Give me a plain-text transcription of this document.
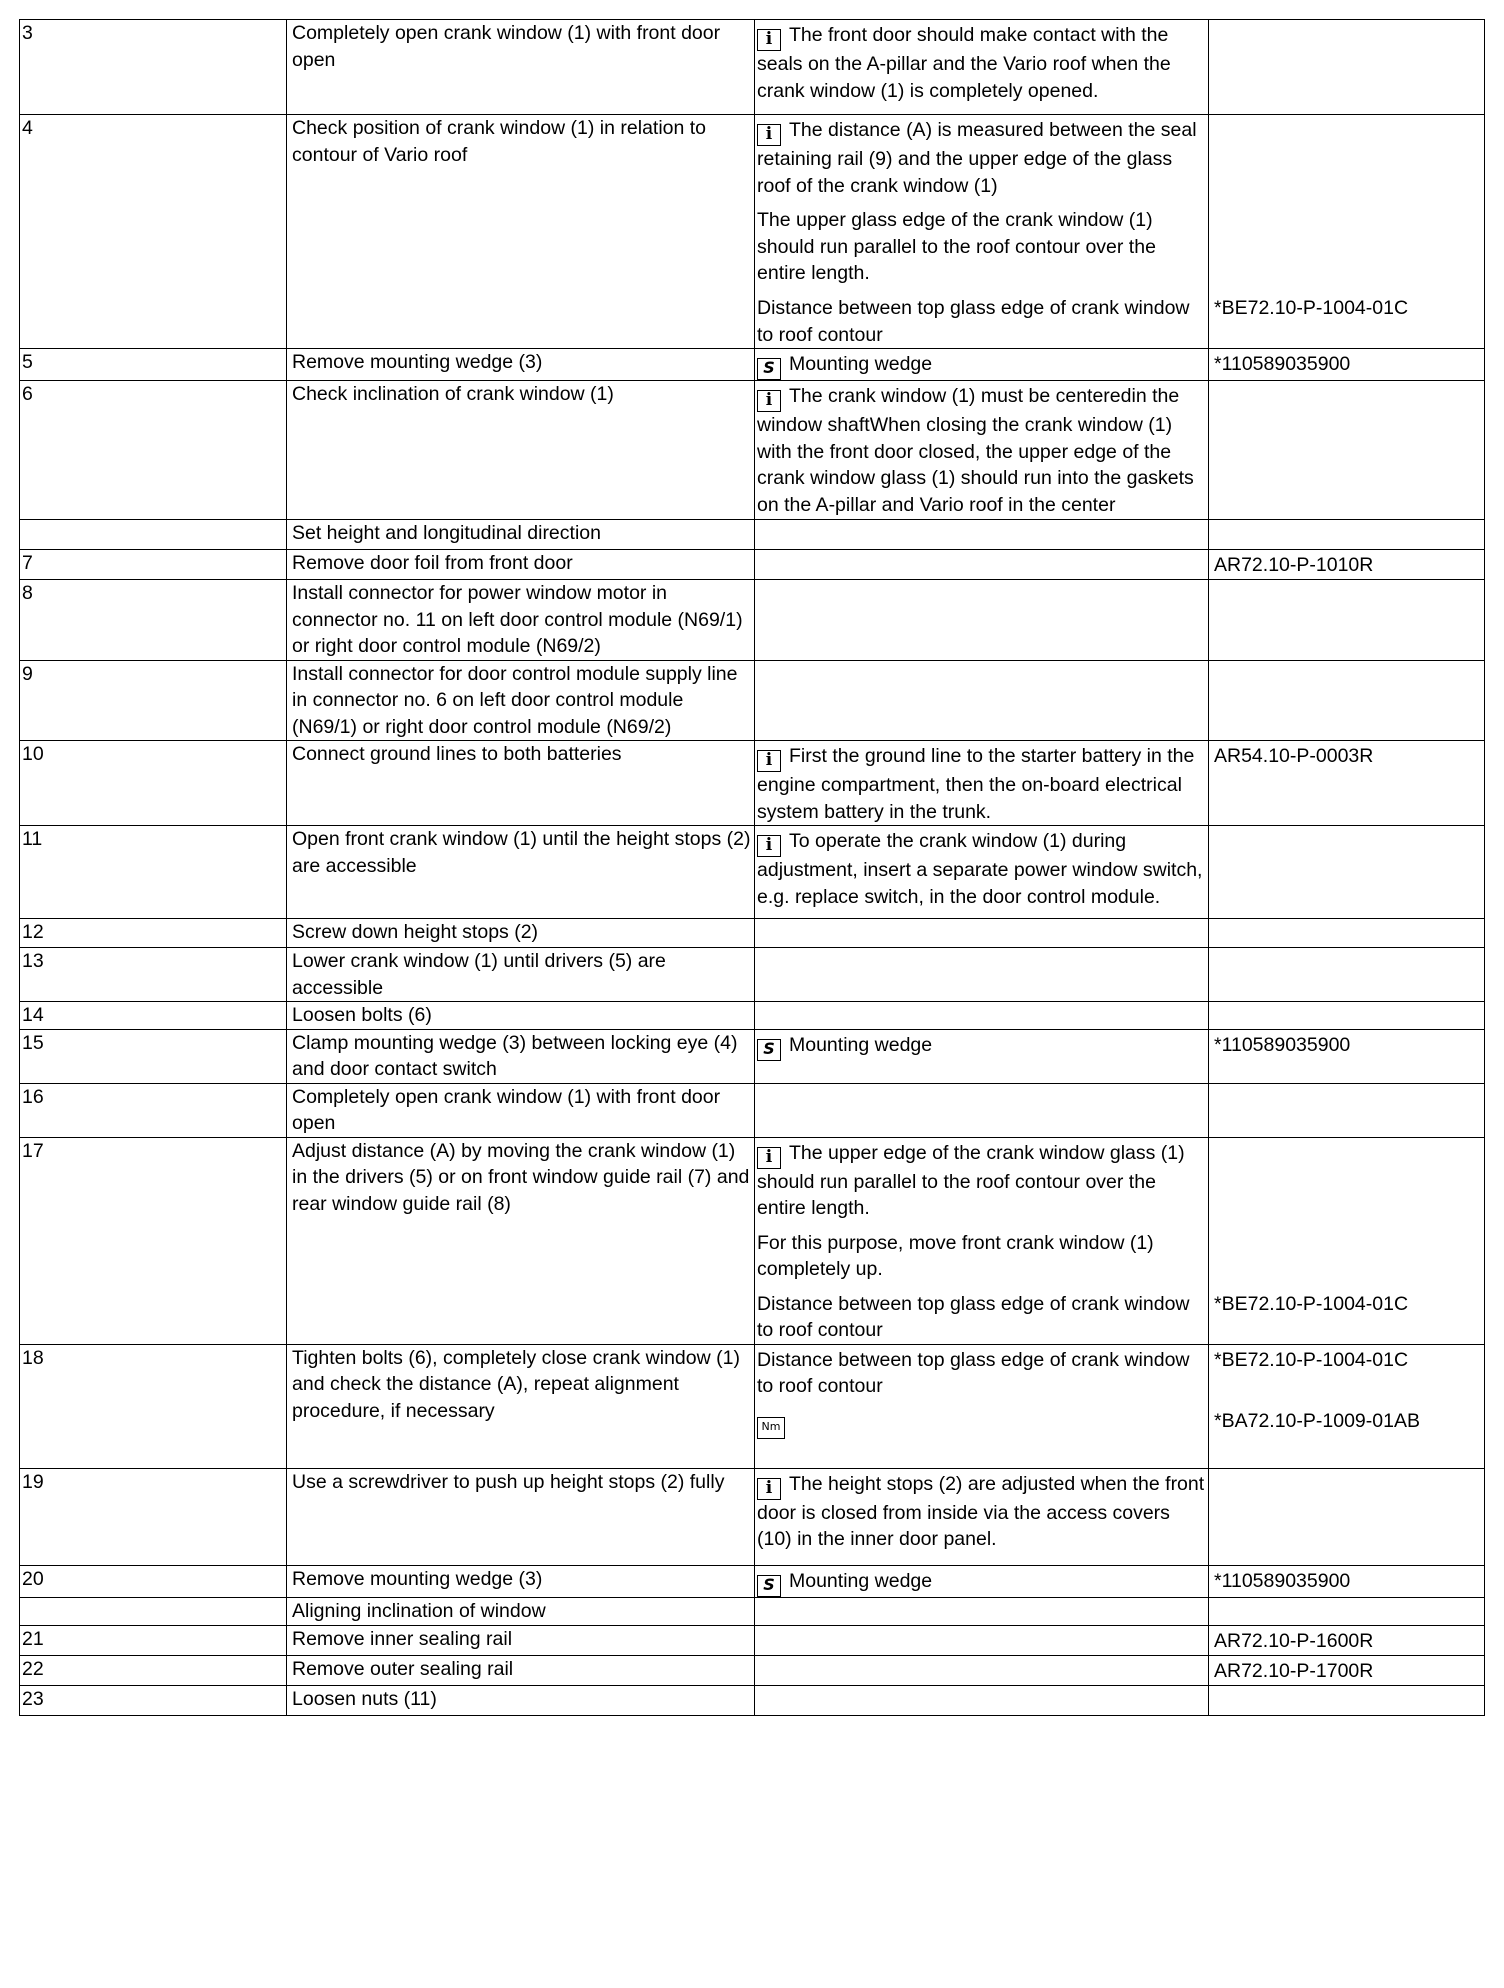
3	Completely open crank window (1) with front door open	i The front door should make contact with the seals on the A-pillar and the Vario roof when the crank window (1) is completely opened.	

4	Check position of crank window (1) in relation to contour of Vario roof	i The distance (A) is measured between the seal retaining rail (9) and the upper edge of the glass roof of the crank window (1)
The upper glass edge of the crank window (1) should run parallel to the roof contour over the entire length.
Distance between top glass edge of crank window to roof contour	*BE72.10-P-1004-01C

5	Remove mounting wedge (3)	S Mounting wedge	*110589035900

6	Check inclination of crank window (1)	i The crank window (1) must be centeredin the window shaftWhen closing the crank window (1) with the front door closed, the upper edge of the crank window glass (1) should run into the gaskets on the A-pillar and Vario roof in the center	

	Set height and longitudinal direction		
7	Remove door foil from front door		AR72.10-P-1010R

8	Install connector for power window motor in connector no. 11 on left door control module (N69/1) or right door control module (N69/2)		
9	Install connector for door control module supply line in connector no. 6 on left door control module (N69/1) or right door control module (N69/2)		
10	Connect ground lines to both batteries	i First the ground line to the starter battery in the engine compartment, then the on-board electrical system battery in the trunk.	AR54.10-P-0003R

11	Open front crank window (1) until the height stops (2) are accessible	i To operate the crank window (1) during adjustment, insert a separate power window switch, e.g. replace switch, in the door control module.	

12	Screw down height stops (2)		
13	Lower crank window (1) until drivers (5) are accessible		
14	Loosen bolts (6)		
15	Clamp mounting wedge (3) between locking eye (4) and door contact switch	S Mounting wedge	*110589035900

16	Completely open crank window (1) with front door open		
17	Adjust distance (A) by moving the crank window (1) in the drivers (5) or on front window guide rail (7) and rear window guide rail (8)	i The upper edge of the crank window glass (1) should run parallel to the roof contour over the entire length.
For this purpose, move front crank window (1) completely up.
Distance between top glass edge of crank window to roof contour	*BE72.10-P-1004-01C

18	Tighten bolts (6), completely close crank window (1) and check the distance (A), repeat alignment procedure, if necessary	Distance between top glass edge of crank window to roof contour
Nm	*BE72.10-P-1004-01C
*BA72.10-P-1009-01AB

19	Use a screwdriver to push up height stops (2) fully	i The height stops (2) are adjusted when the front door is closed from inside via the access covers (10) in the inner door panel.	

20	Remove mounting wedge (3)	S Mounting wedge	*110589035900

	Aligning inclination of window		
21	Remove inner sealing rail		AR72.10-P-1600R

22	Remove outer sealing rail		AR72.10-P-1700R

23	Loosen nuts (11)		
